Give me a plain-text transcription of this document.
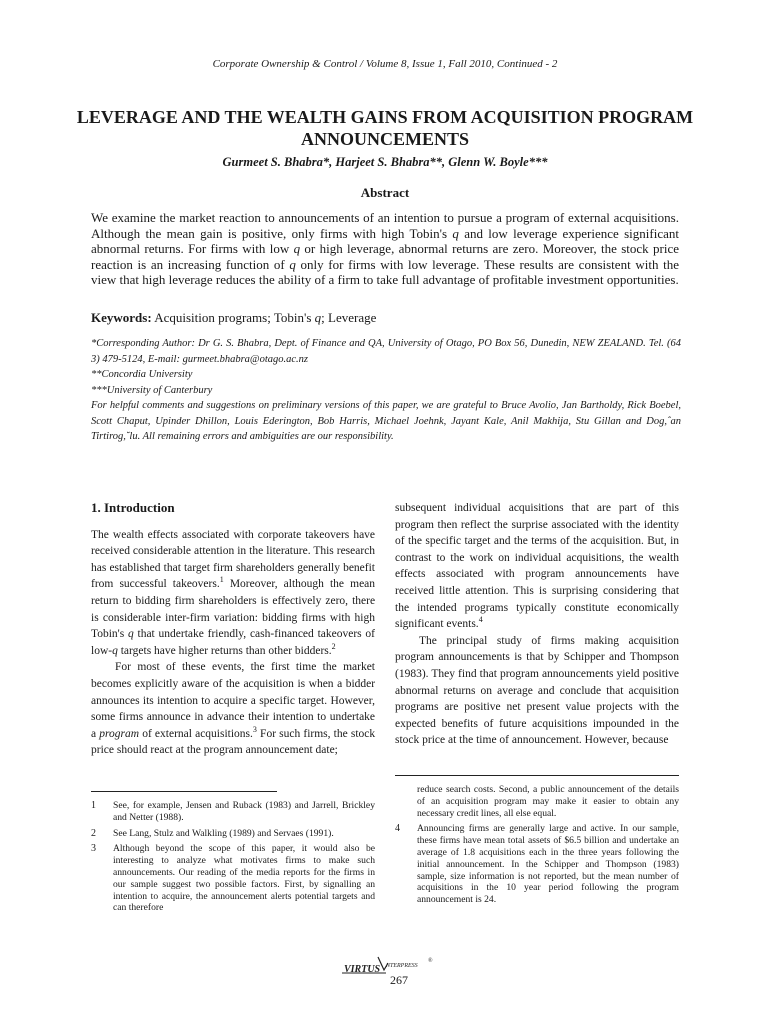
Corporate Ownership & Control / Volume 8, Issue 1, Fall 2010, Continued - 2
LEVERAGE AND THE WEALTH GAINS FROM ACQUISITION PROGRAM ANNOUNCEMENTS
Gurmeet S. Bhabra*, Harjeet S. Bhabra**, Glenn W. Boyle***
Abstract
We examine the market reaction to announcements of an intention to pursue a program of external acquisitions. Although the mean gain is positive, only firms with high Tobin's q and low leverage experience significant abnormal returns. For firms with low q or high leverage, abnormal returns are zero. Moreover, the stock price reaction is an increasing function of q only for firms with low leverage. These results are consistent with the view that high leverage reduces the ability of a firm to take full advantage of profitable investment opportunities.
Keywords: Acquisition programs; Tobin's q; Leverage
*Corresponding Author: Dr G. S. Bhabra, Dept. of Finance and QA, University of Otago, PO Box 56, Dunedin, NEW ZEALAND. Tel. (64 3) 479-5124, E-mail: gurmeet.bhabra@otago.ac.nz
**Concordia University
***University of Canterbury
For helpful comments and suggestions on preliminary versions of this paper, we are grateful to Bruce Avolio, Jan Bartholdy, Rick Boebel, Scott Chaput, Upinder Dhillon, Louis Ederington, Bob Harris, Michael Joehnk, Jayant Kale, Anil Makhija, Stu Gillan and Dog,ˆan Tirtirog,˘lu. All remaining errors and ambiguities are our responsibility.
1. Introduction
The wealth effects associated with corporate takeovers have received considerable attention in the literature. This research has established that target firm shareholders generally benefit from successful takeovers.$^1$ Moreover, although the mean return to bidding firm shareholders is effectively zero, there is considerable inter-firm variation: bidding firms with high Tobin's q that undertake friendly, cash-financed takeovers of low-q targets have higher returns than other bidders.$^2$
For most of these events, the first time the market becomes explicitly aware of the acquisition is when a bidder announces its intention to acquire a specific target. However, some firms announce in advance their intention to undertake a program of external acquisitions.$^3$ For such firms, the stock price should react at the program announcement date;
subsequent individual acquisitions that are part of this program then reflect the surprise associated with the identity of the specific target and the terms of the acquisition. But, in contrast to the work on individual acquisitions, the wealth effects associated with program announcements have received little attention. This is surprising considering that the intended programs typically constitute economically significant events.$^4$
The principal study of firms making acquisition program announcements is that by Schipper and Thompson (1983). They find that program announcements yield positive abnormal returns on average and conclude that acquisition programs are positive net present value projects with the expected benefits of future acquisitions impounded in the stock price at the time of announcement. However, because
1	See, for example, Jensen and Ruback (1983) and Jarrell, Brickley and Netter (1988).
2	See Lang, Stulz and Walkling (1989) and Servaes (1991).
3	Although beyond the scope of this paper, it would also be interesting to analyze what motivates firms to make such announcements. Our reading of the media reports for the firms in our sample suggest two possible factors. First, by signalling an intention to acquire, the announcement alerts potential targets and can therefore
reduce search costs. Second, a public announcement of the details of an acquisition program may make it easier to obtain any necessary credit lines, all else equal.
4	Announcing firms are generally large and active. In our sample, these firms have mean total assets of $6.5 billion and undertake an average of 1.8 acquisitions each in the three years following the initial announcement. In the Schipper and Thompson (1983) sample, size information is not reported, but the mean number of acquisitions in the 10 year period following the program announcement is 24.
VIRTUS NTERPRESS
®
267
